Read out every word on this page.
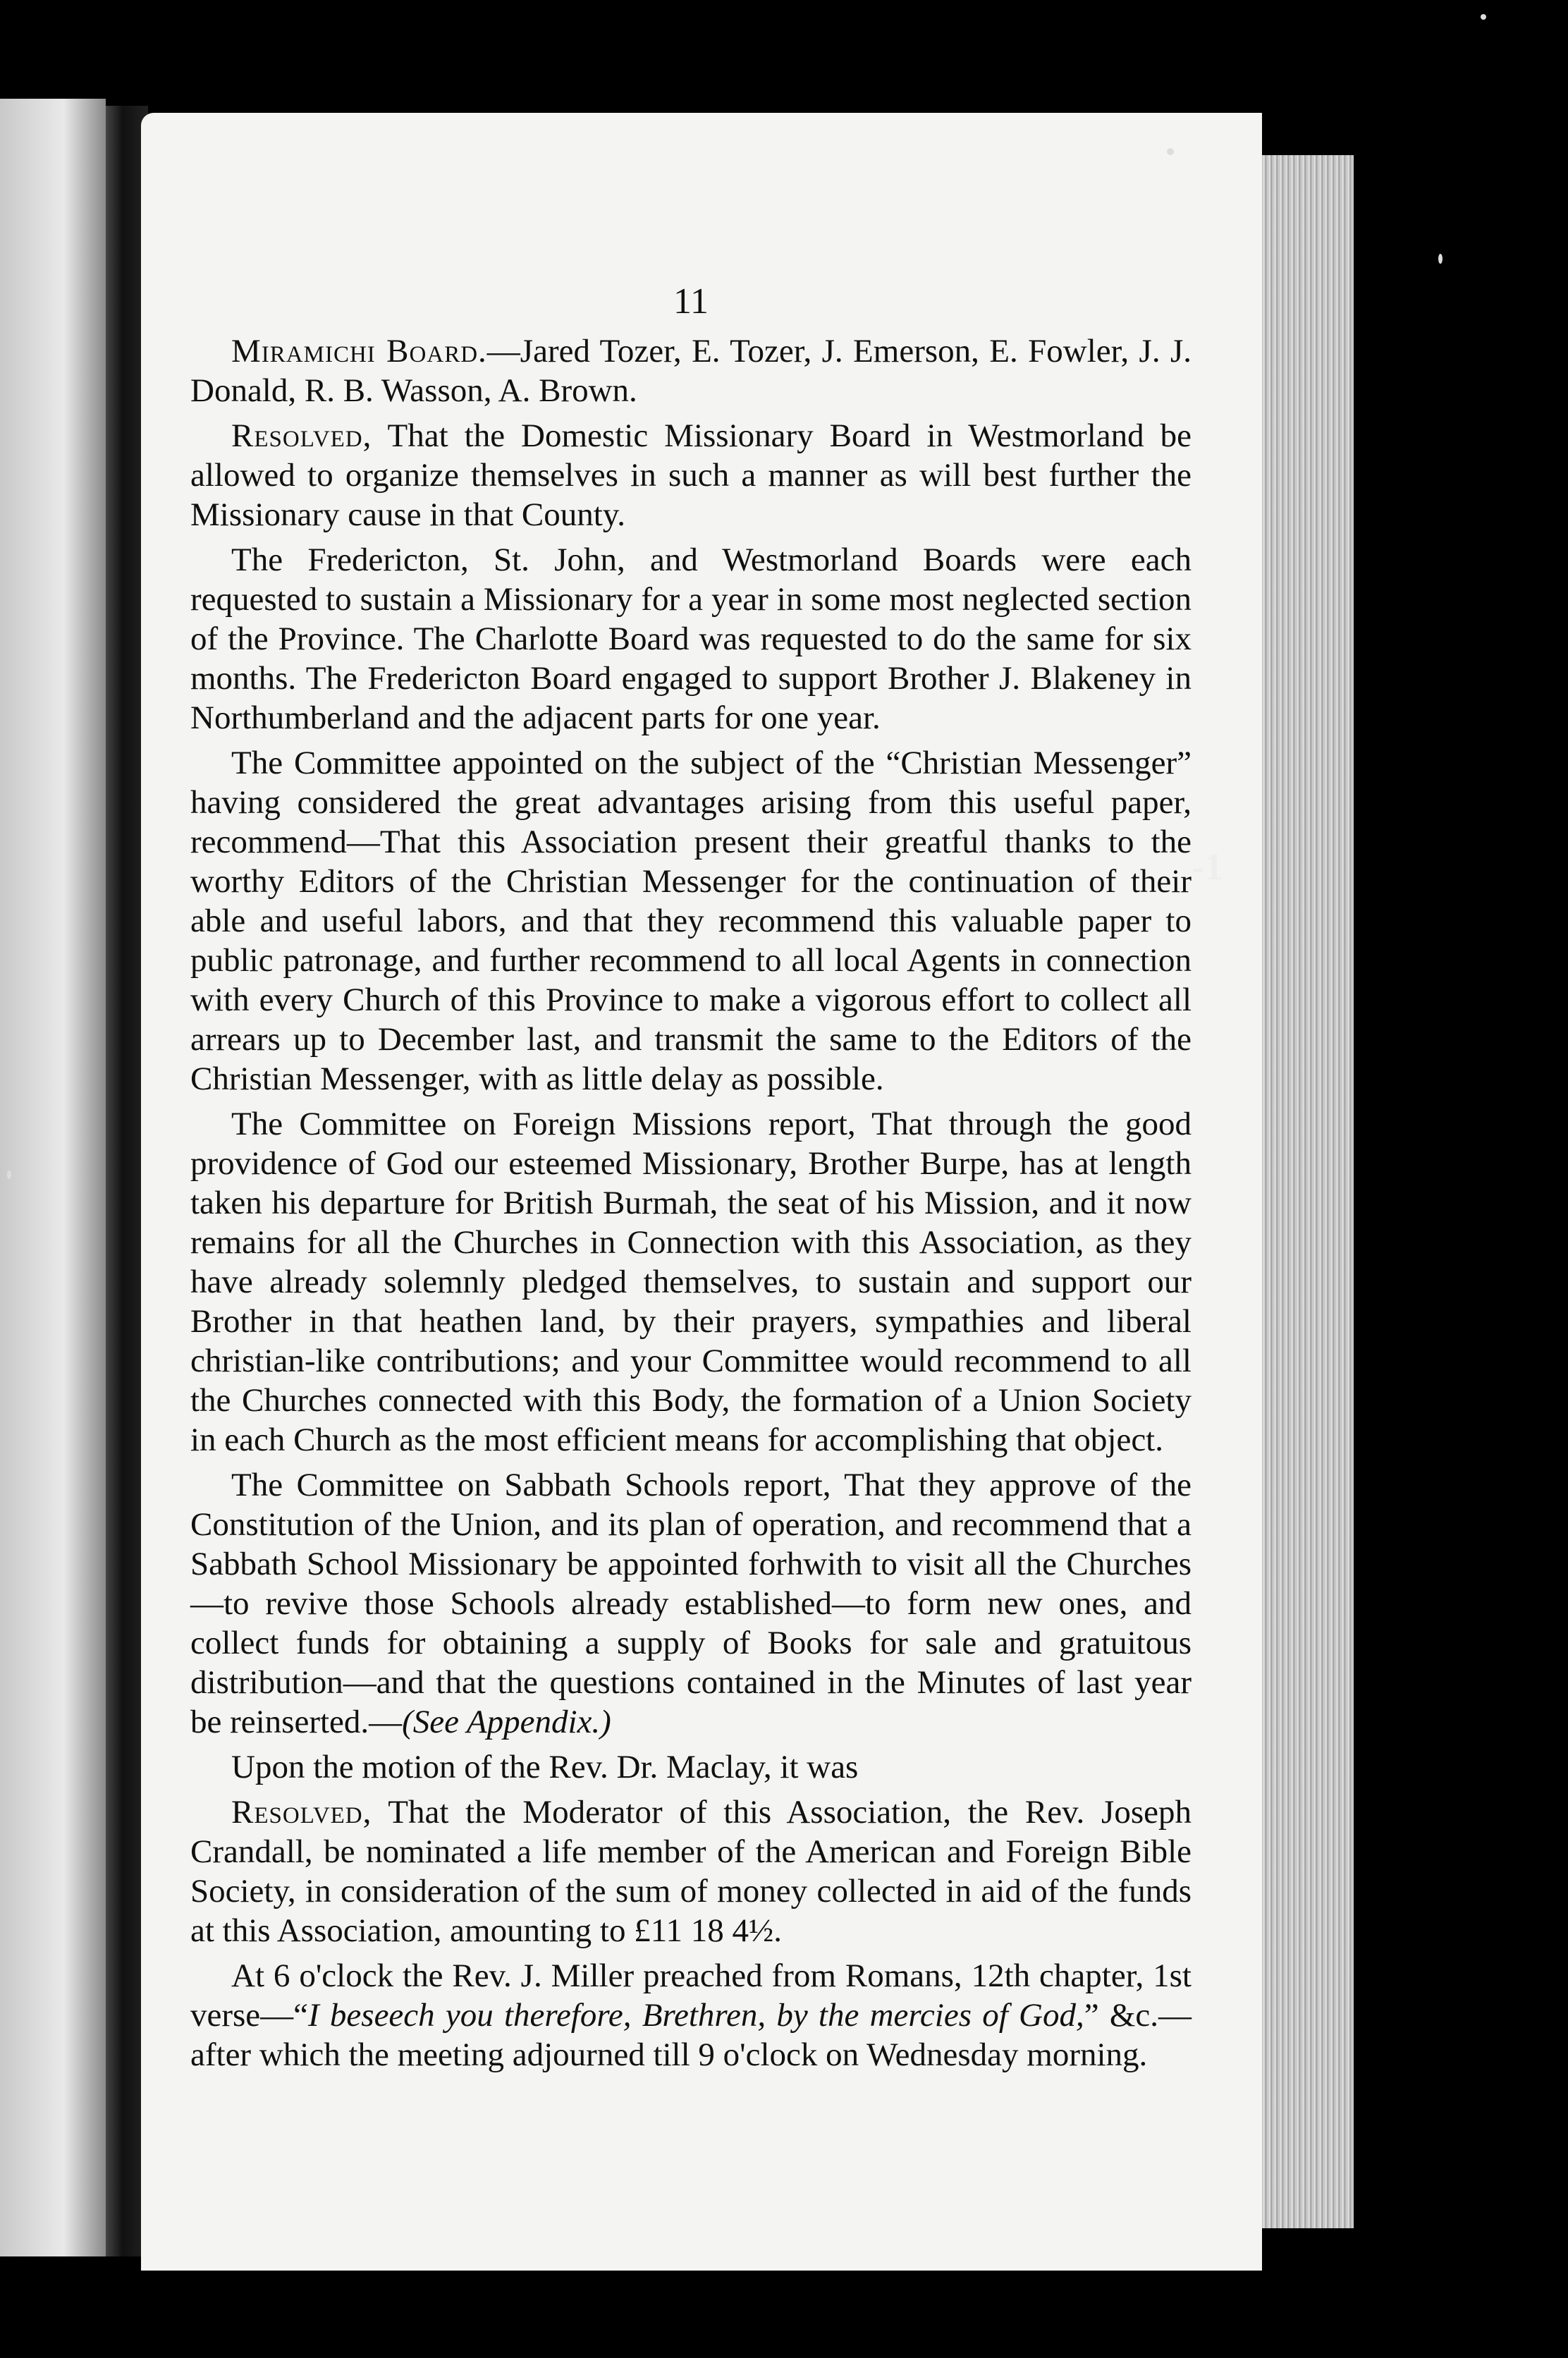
-1
11

Miramichi Board.—Jared Tozer, E. Tozer, J. Emerson, E. Fowler, J. J. Donald, R. B. Wasson, A. Brown.

Resolved, That the Domestic Missionary Board in Westmorland be allowed to organize themselves in such a manner as will best further the Missionary cause in that County.

The Fredericton, St. John, and Westmorland Boards were each requested to sustain a Missionary for a year in some most neglected section of the Province. The Charlotte Board was requested to do the same for six months. The Fredericton Board engaged to support Brother J. Blakeney in Northumberland and the adjacent parts for one year.

The Committee appointed on the subject of the “Christian Messenger” having considered the great advantages arising from this useful paper, recommend—That this Association present their greatful thanks to the worthy Editors of the Christian Messenger for the continuation of their able and useful labors, and that they recommend this valuable paper to public patronage, and further recommend to all local Agents in connection with every Church of this Province to make a vigorous effort to collect all arrears up to December last, and transmit the same to the Editors of the Christian Messenger, with as little delay as possible.

The Committee on Foreign Missions report, That through the good providence of God our esteemed Missionary, Brother Burpe, has at length taken his departure for British Burmah, the seat of his Mission, and it now remains for all the Churches in Connection with this Association, as they have already solemnly pledged themselves, to sustain and support our Brother in that heathen land, by their prayers, sympathies and liberal christian-like contributions; and your Committee would recommend to all the Churches connected with this Body, the formation of a Union Society in each Church as the most efficient means for accomplishing that object.

The Committee on Sabbath Schools report, That they approve of the Constitution of the Union, and its plan of operation, and recommend that a Sabbath School Missionary be appointed forhwith to visit all the Churches—to revive those Schools already established—to form new ones, and collect funds for obtaining a supply of Books for sale and gratuitous distribution—and that the questions contained in the Minutes of last year be reinserted.—(See Appendix.)

Upon the motion of the Rev. Dr. Maclay, it was

Resolved, That the Moderator of this Association, the Rev. Joseph Crandall, be nominated a life member of the American and Foreign Bible Society, in consideration of the sum of money collected in aid of the funds at this Association, amounting to £11 18 4½.

At 6 o'clock the Rev. J. Miller preached from Romans, 12th chapter, 1st verse—“I beseech you therefore, Brethren, by the mercies of God,” &c.—after which the meeting adjourned till 9 o'clock on Wednesday morning.
